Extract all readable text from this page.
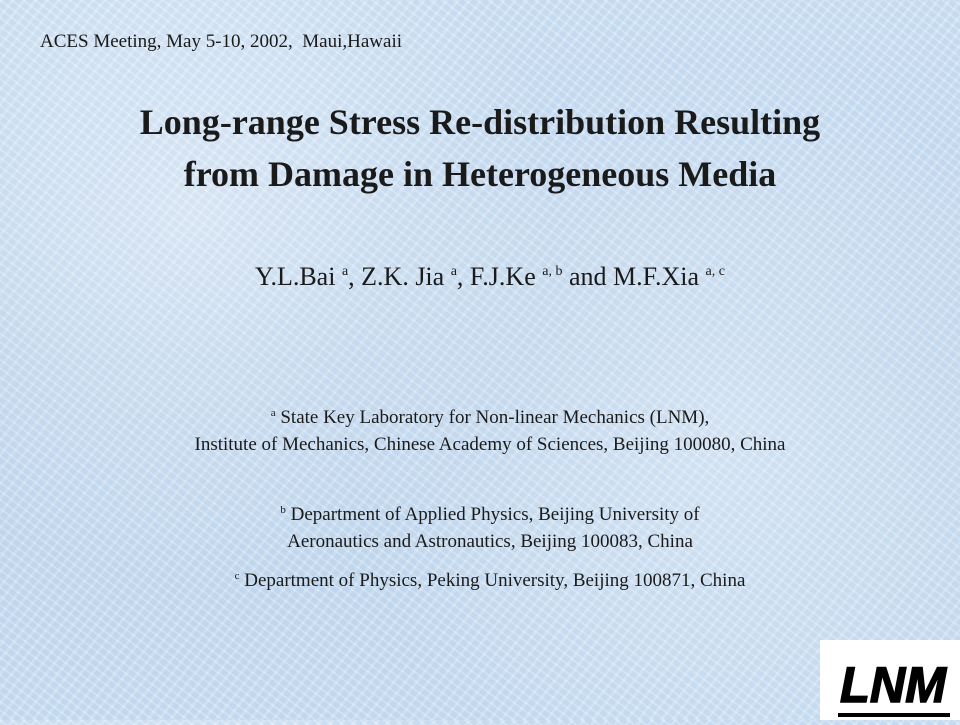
ACES Meeting, May 5-10, 2002,  Maui,Hawaii
Long-range Stress Re-distribution Resulting
from Damage in Heterogeneous Media
Y.L.Bai $^a$, Z.K. Jia $^a$, F.J.Ke $^{a, b}$ and M.F.Xia $^{a, c}$
$^a$ State Key Laboratory for Non-linear Mechanics (LNM),
Institute of Mechanics, Chinese Academy of Sciences, Beijing 100080, China
$^b$ Department of Applied Physics, Beijing University of
Aeronautics and Astronautics, Beijing 100083, China
$^c$ Department of Physics, Peking University, Beijing 100871, China
LNM
